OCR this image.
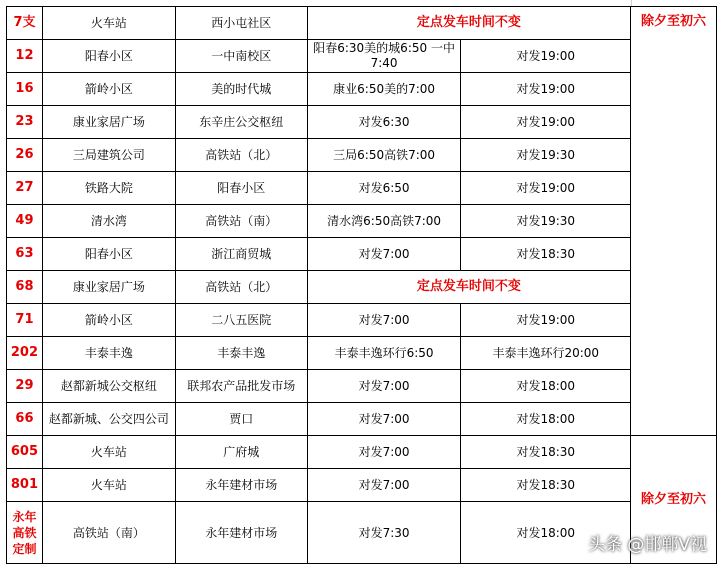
7支	火车站	西小屯社区	定点发车时间不变		除夕至初六
12	阳春小区	一中南校区	阳春6:30美的城6:50 一中7:40	对发19:00	
16	箭岭小区	美的时代城	康业6:50美的7:00	对发19:00	
23	康业家居广场	东辛庄公交枢纽	对发6:30	对发19:00	
26	三局建筑公司	高铁站（北）	三局6:50高铁7:00	对发19:30	
27	铁路大院	阳春小区	对发6:50	对发19:00	
49	清水湾	高铁站（南）	清水湾6:50高铁7:00	对发19:30	
63	阳春小区	浙江商贸城	对发7:00	对发18:30	
68	康业家居广场	高铁站（北）	定点发车时间不变		
71	箭岭小区	二八五医院	对发7:00	对发19:00	
202	丰泰丰逸	丰泰丰逸	丰泰丰逸环行6:50	丰泰丰逸环行20:00	
29	赵都新城公交枢纽	联邦农产品批发市场	对发7:00	对发18:00	
66	赵都新城、公交四公司	贾口	对发7:00	对发18:00	
605	火车站	广府城	对发7:00	对发18:30	除夕至初六
801	火车站	永年建材市场	对发7:00	对发18:30	
永年高铁定制	高铁站（南）	永年建材市场	对发7:30	对发18:00	
头条 @邯郸V视
